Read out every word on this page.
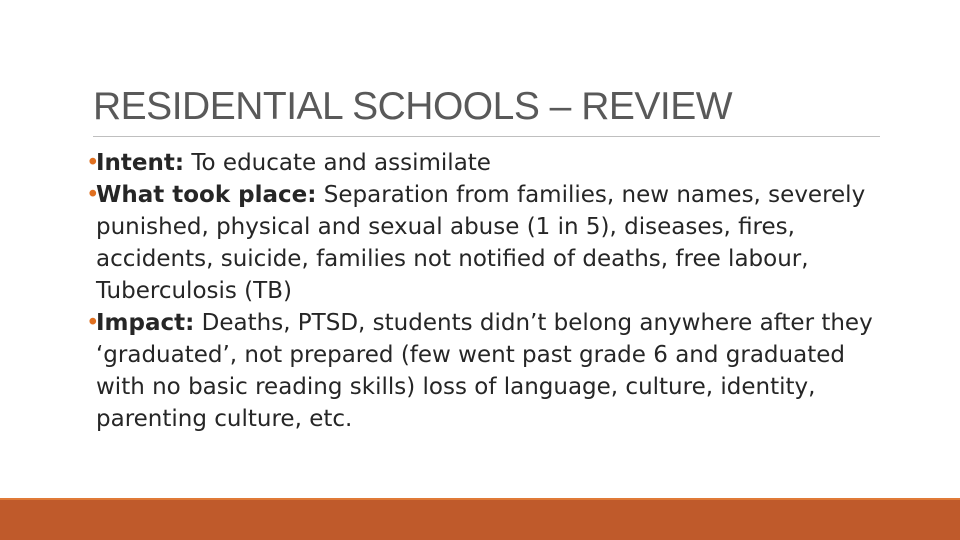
RESIDENTIAL SCHOOLS – REVIEW
•
Intent: To educate and assimilate
•
What took place: Separation from families, new names, severely punished, physical and sexual abuse (1 in 5), diseases, fires, accidents, suicide, families not notified of deaths, free labour, Tuberculosis (TB)
•
Impact: Deaths, PTSD, students didn’t belong anywhere after they ‘graduated’, not prepared (few went past grade 6 and graduated with no basic reading skills) loss of language, culture, identity, parenting culture, etc.
